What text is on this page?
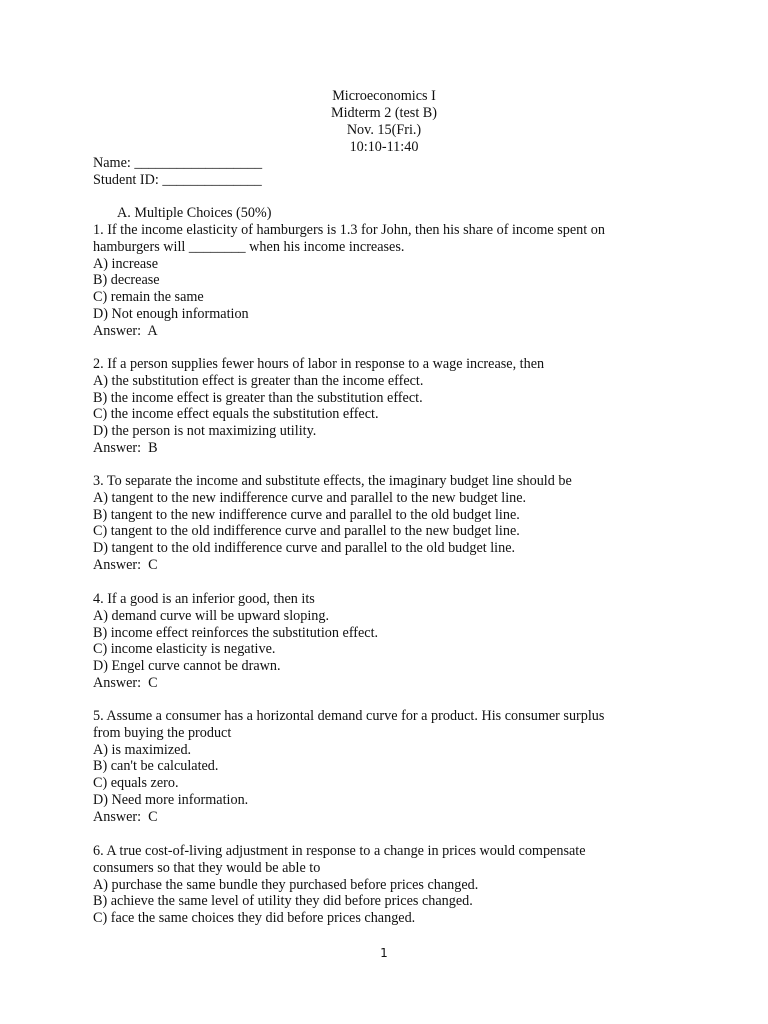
Microeconomics I
Midterm 2 (test B)
Nov. 15(Fri.)
10:10-11:40
Name: __________________
Student ID: ______________
A. Multiple Choices (50%)
1. If the income elasticity of hamburgers is 1.3 for John, then his share of income spent on
hamburgers will ________ when his income increases.
A) increase
B) decrease
C) remain the same
D) Not enough information
Answer:  A
2. If a person supplies fewer hours of labor in response to a wage increase, then
A) the substitution effect is greater than the income effect.
B) the income effect is greater than the substitution effect.
C) the income effect equals the substitution effect.
D) the person is not maximizing utility.
Answer:  B
3. To separate the income and substitute effects, the imaginary budget line should be
A) tangent to the new indifference curve and parallel to the new budget line.
B) tangent to the new indifference curve and parallel to the old budget line.
C) tangent to the old indifference curve and parallel to the new budget line.
D) tangent to the old indifference curve and parallel to the old budget line.
Answer:  C
4. If a good is an inferior good, then its
A) demand curve will be upward sloping.
B) income effect reinforces the substitution effect.
C) income elasticity is negative.
D) Engel curve cannot be drawn.
Answer:  C
5. Assume a consumer has a horizontal demand curve for a product. His consumer surplus
from buying the product
A) is maximized.
B) can't be calculated.
C) equals zero.
D) Need more information.
Answer:  C
6. A true cost-of-living adjustment in response to a change in prices would compensate
consumers so that they would be able to
A) purchase the same bundle they purchased before prices changed.
B) achieve the same level of utility they did before prices changed.
C) face the same choices they did before prices changed.
1
